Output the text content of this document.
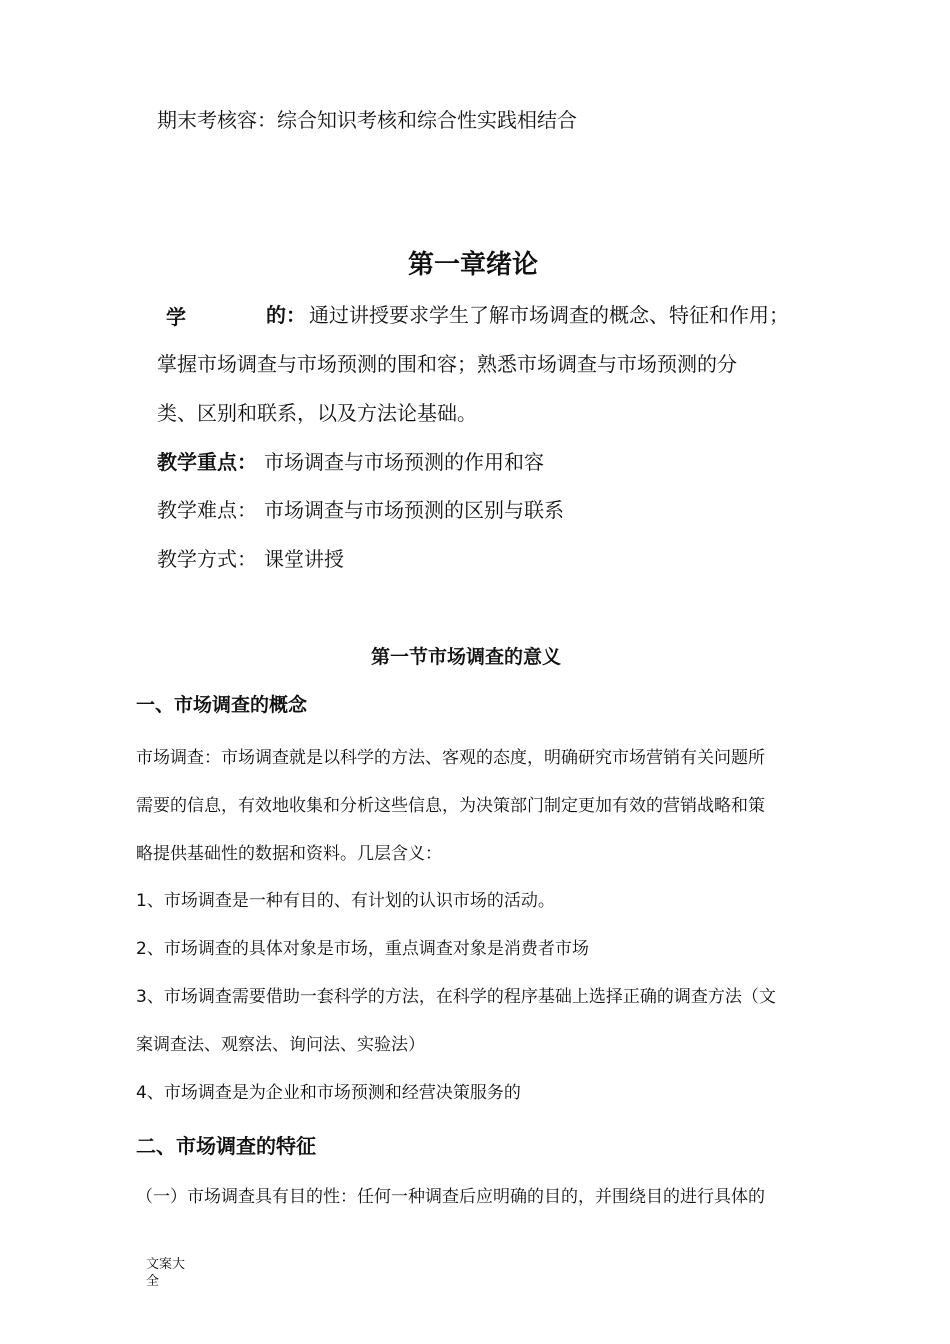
期末考核容：综合知识考核和综合性实践相结合
第一章绪论
学	的： 通过讲授要求学生了解市场调查的概念、特征和作用；
掌握市场调查与市场预测的围和容；熟悉市场调查与市场预测的分
类、区别和联系，以及方法论基础。
教学重点： 市场调查与市场预测的作用和容
教学难点： 市场调查与市场预测的区别与联系
教学方式： 课堂讲授
第一节市场调查的意义
一、市场调查的概念
市场调查：市场调查就是以科学的方法、客观的态度，明确研究市场营销有关问题所
需要的信息，有效地收集和分析这些信息，为决策部门制定更加有效的营销战略和策
略提供基础性的数据和资料。几层含义：
1、市场调查是一种有目的、有计划的认识市场的活动。
2、市场调查的具体对象是市场，重点调查对象是消费者市场
3、市场调查需要借助一套科学的方法，在科学的程序基础上选择正确的调查方法（文
案调查法、观察法、询问法、实验法）
4、市场调查是为企业和市场预测和经营决策服务的
二、市场调查的特征
（一）市场调查具有目的性：任何一种调查后应明确的目的，并围绕目的进行具体的
文案大
全
